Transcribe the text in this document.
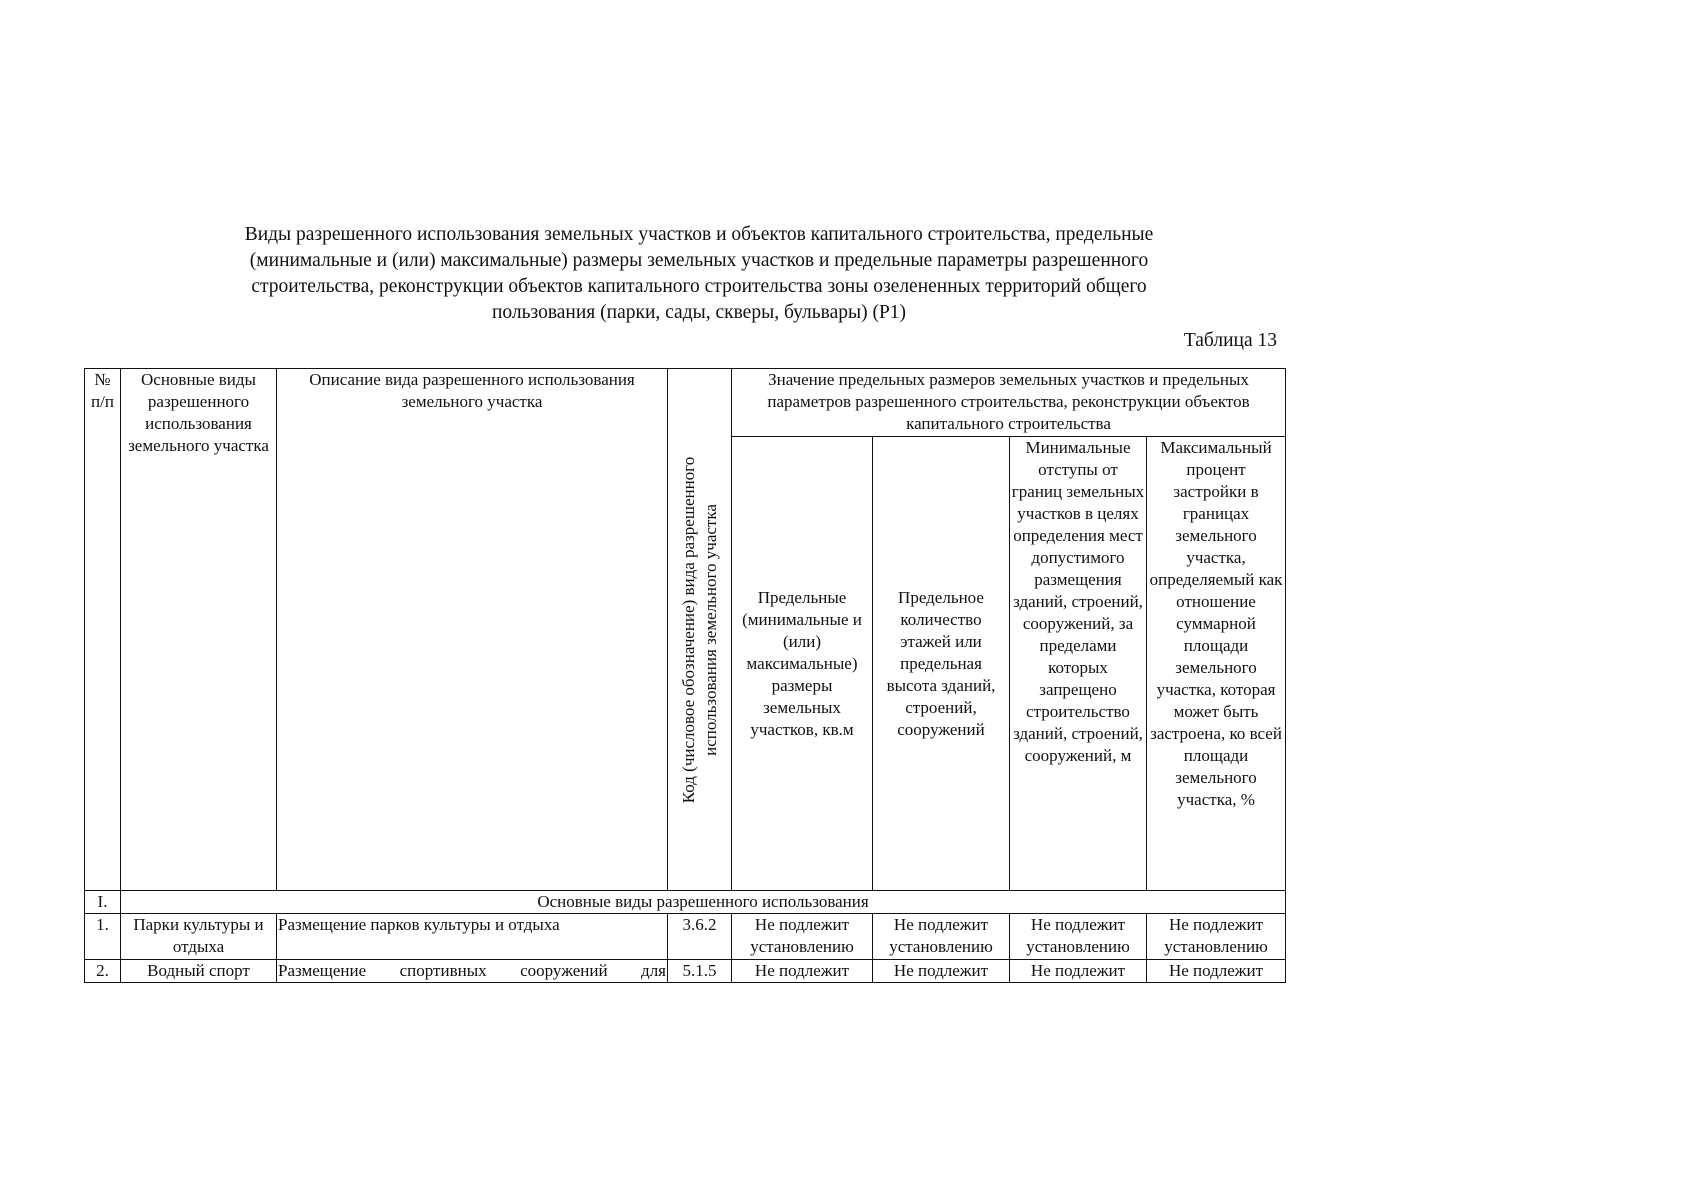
Виды разрешенного использования земельных участков и объектов капитального строительства, предельные
(минимальные и (или) максимальные) размеры земельных участков и предельные параметры разрешенного
строительства, реконструкции объектов капитального строительства зоны озелененных территорий общего
пользования (парки, сады, скверы, бульвары) (Р1)
Таблица 13
№ п/п	Основные виды разрешенного использования земельного участка	Описание вида разрешенного использования земельного участка	Код (числовое обозначение) вида разрешенного использования земельного участка	Значение предельных размеров земельных участков и предельных параметров разрешенного строительства, реконструкции объектов капитального строительства			
				Предельные (минимальные и (или) максимальные) размеры земельных участков, кв.м	Предельное количество этажей или предельная высота зданий, строений, сооружений	Минимальные отступы от границ земельных участков в целях определения мест допустимого размещения зданий, строений, сооружений, за пределами которых запрещено строительство зданий, строений, сооружений, м	Максимальный процент застройки в границах земельного участка, определяемый как отношение суммарной площади земельного участка, которая может быть застроена, ко всей площади земельного участка, %
I.	Основные виды разрешенного использования						
1.	Парки культуры и отдыха	Размещение парков культуры и отдыха	3.6.2	Не подлежит установлению	Не подлежит установлению	Не подлежит установлению	Не подлежит установлению
2.	Водный спорт	Размещение спортивных сооружений для	5.1.5	Не подлежит	Не подлежит	Не подлежит	Не подлежит
